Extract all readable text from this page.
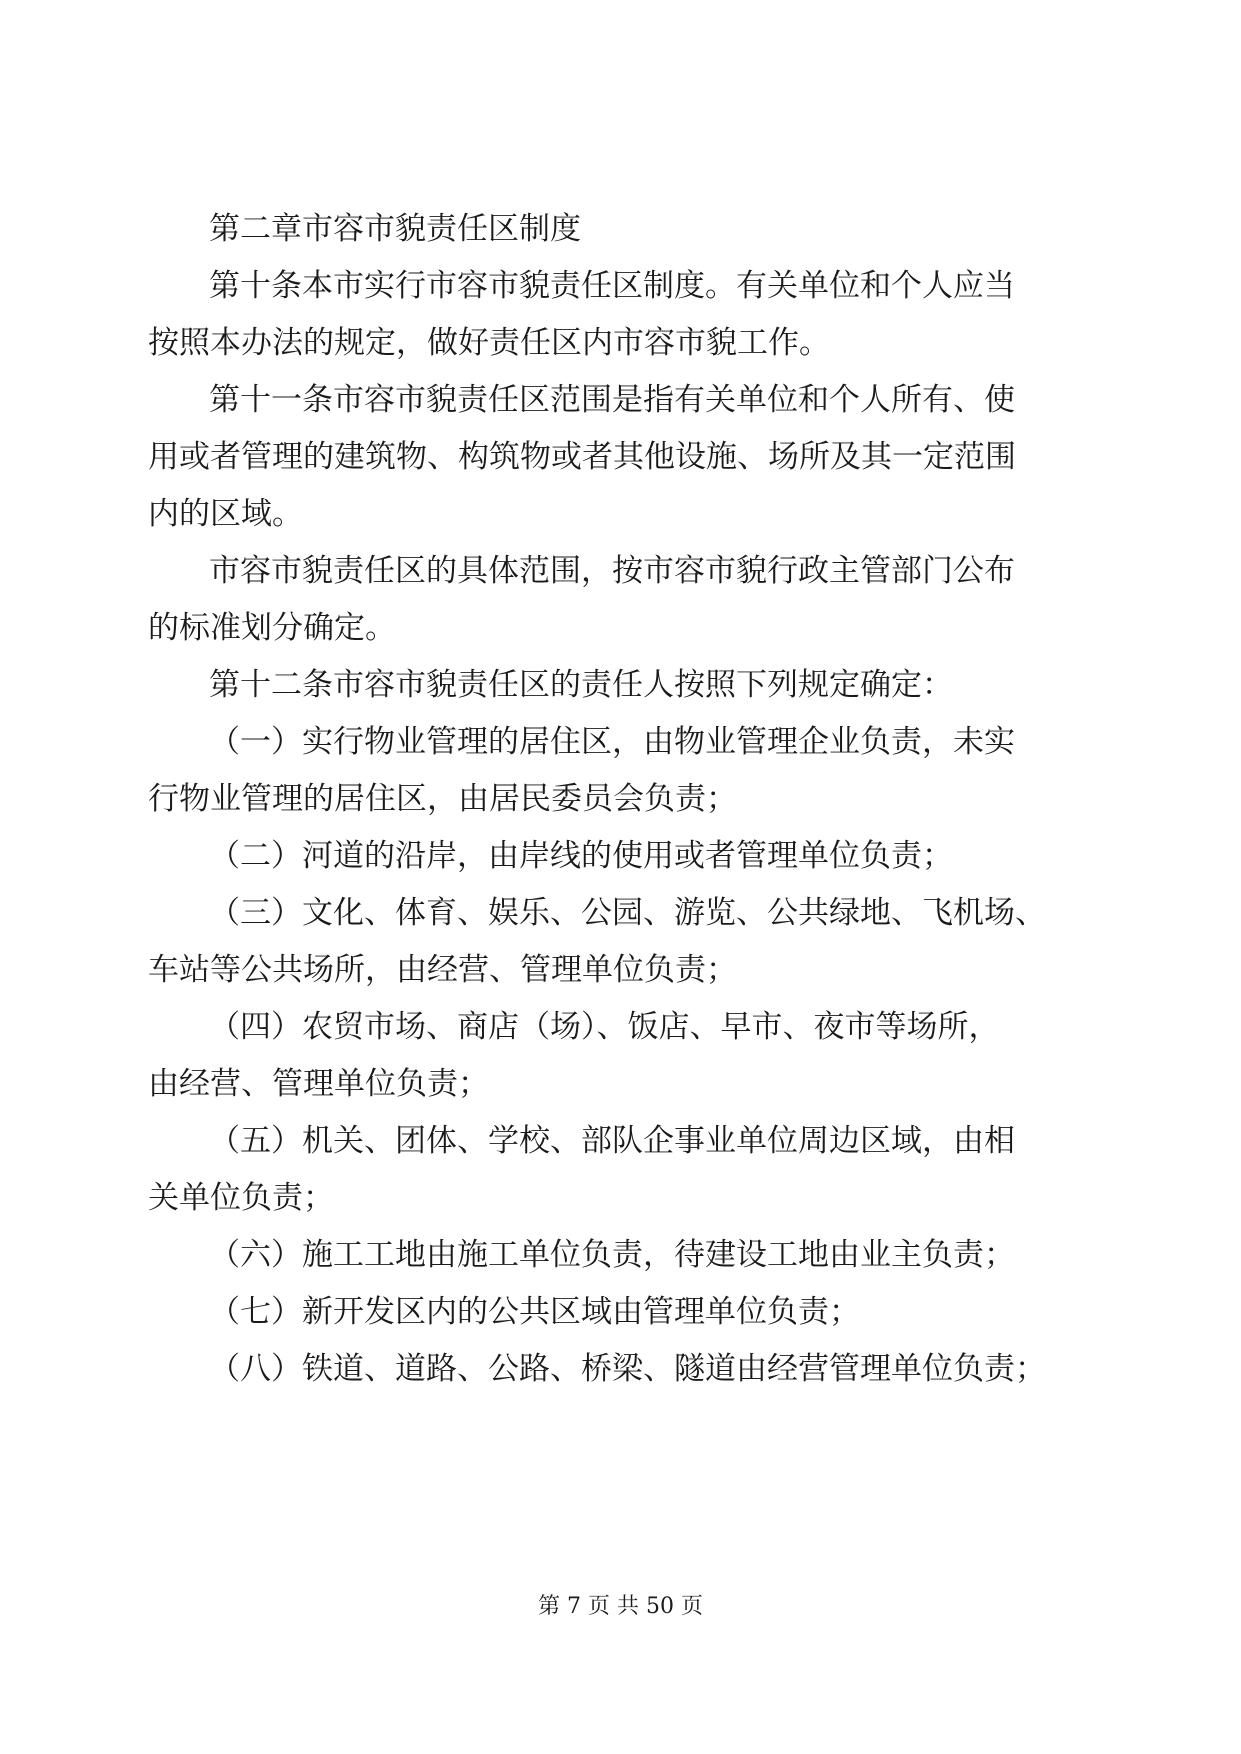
第二章市容市貌责任区制度
第十条本市实行市容市貌责任区制度。有关单位和个人应当
按照本办法的规定，做好责任区内市容市貌工作。
第十一条市容市貌责任区范围是指有关单位和个人所有、使
用或者管理的建筑物、构筑物或者其他设施、场所及其一定范围
内的区域。
市容市貌责任区的具体范围，按市容市貌行政主管部门公布
的标准划分确定。
第十二条市容市貌责任区的责任人按照下列规定确定：
（一）实行物业管理的居住区，由物业管理企业负责，未实
行物业管理的居住区，由居民委员会负责；
（二）河道的沿岸，由岸线的使用或者管理单位负责；
（三）文化、体育、娱乐、公园、游览、公共绿地、飞机场、
车站等公共场所，由经营、管理单位负责；
（四）农贸市场、商店（场）、饭店、早市、夜市等场所，
由经营、管理单位负责；
（五）机关、团体、学校、部队企事业单位周边区域，由相
关单位负责；
（六）施工工地由施工单位负责，待建设工地由业主负责；
（七）新开发区内的公共区域由管理单位负责；
（八）铁道、道路、公路、桥梁、隧道由经营管理单位负责；
第 7 页 共 50 页
